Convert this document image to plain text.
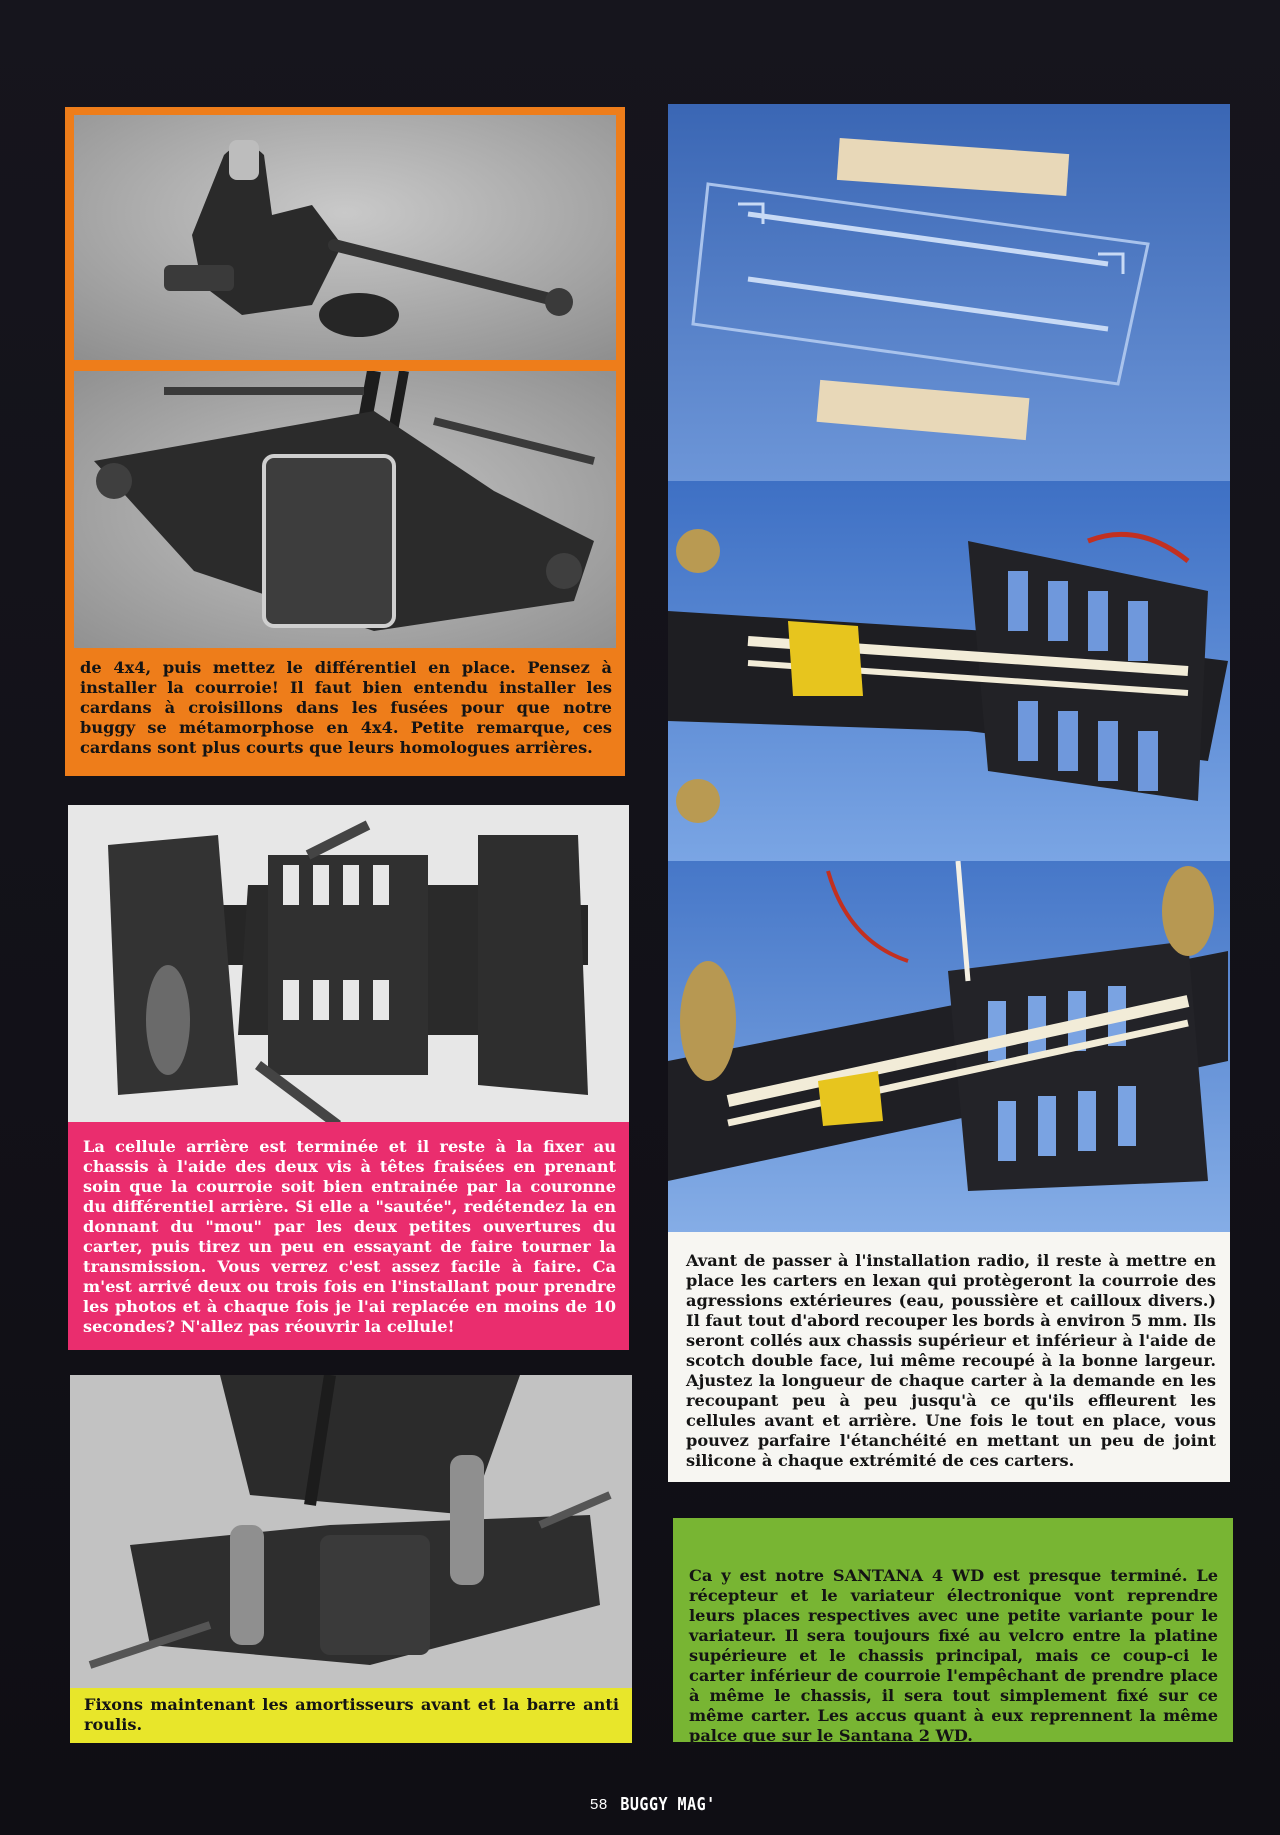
de 4x4, puis mettez le différentiel en place. Pensez à installer la courroie! Il faut bien entendu installer les cardans à croisillons dans les fusées pour que notre buggy se métamorphose en 4x4. Petite remarque, ces cardans sont plus courts que leurs homologues arrières.
La cellule arrière est terminée et il reste à la fixer au chassis à l'aide des deux vis à têtes fraisées en prenant soin que la courroie soit bien entrainée par la couronne du différentiel arrière. Si elle a "sautée", redétendez la en donnant du "mou" par les deux petites ouvertures du carter, puis tirez un peu en essayant de faire tourner la transmission. Vous verrez c'est assez facile à faire. Ca m'est arrivé deux ou trois fois en l'installant pour prendre les photos et à chaque fois je l'ai replacée en moins de 10 secondes? N'allez pas réouvrir la cellule!
Fixons maintenant les amortisseurs avant et la barre anti roulis.
Avant de passer à l'installation radio, il reste à mettre en place les carters en lexan qui protègeront la courroie des agressions extérieures (eau, poussière et cailloux divers.) Il faut tout d'abord recouper les bords à environ 5 mm. Ils seront collés aux chassis supérieur et inférieur à l'aide de scotch double face, lui même recoupé à la bonne largeur. Ajustez la longueur de chaque carter à la demande en les recoupant peu à peu jusqu'à ce qu'ils effleurent les cellules avant et arrière. Une fois le tout en place, vous pouvez parfaire l'étanchéité en mettant un peu de joint silicone à chaque extrémité de ces carters.
Ca y est notre SANTANA 4 WD est presque terminé. Le récepteur et le variateur électronique vont reprendre leurs places respectives avec une petite variante pour le variateur. Il sera toujours fixé au velcro entre la platine supérieure et le chassis principal, mais ce coup-ci le carter inférieur de courroie l'empêchant de prendre place à même le chassis, il sera tout simplement fixé sur ce même carter. Les accus quant à eux reprennent la même palce que sur le Santana 2 WD.
58 BUGGY MAG'
